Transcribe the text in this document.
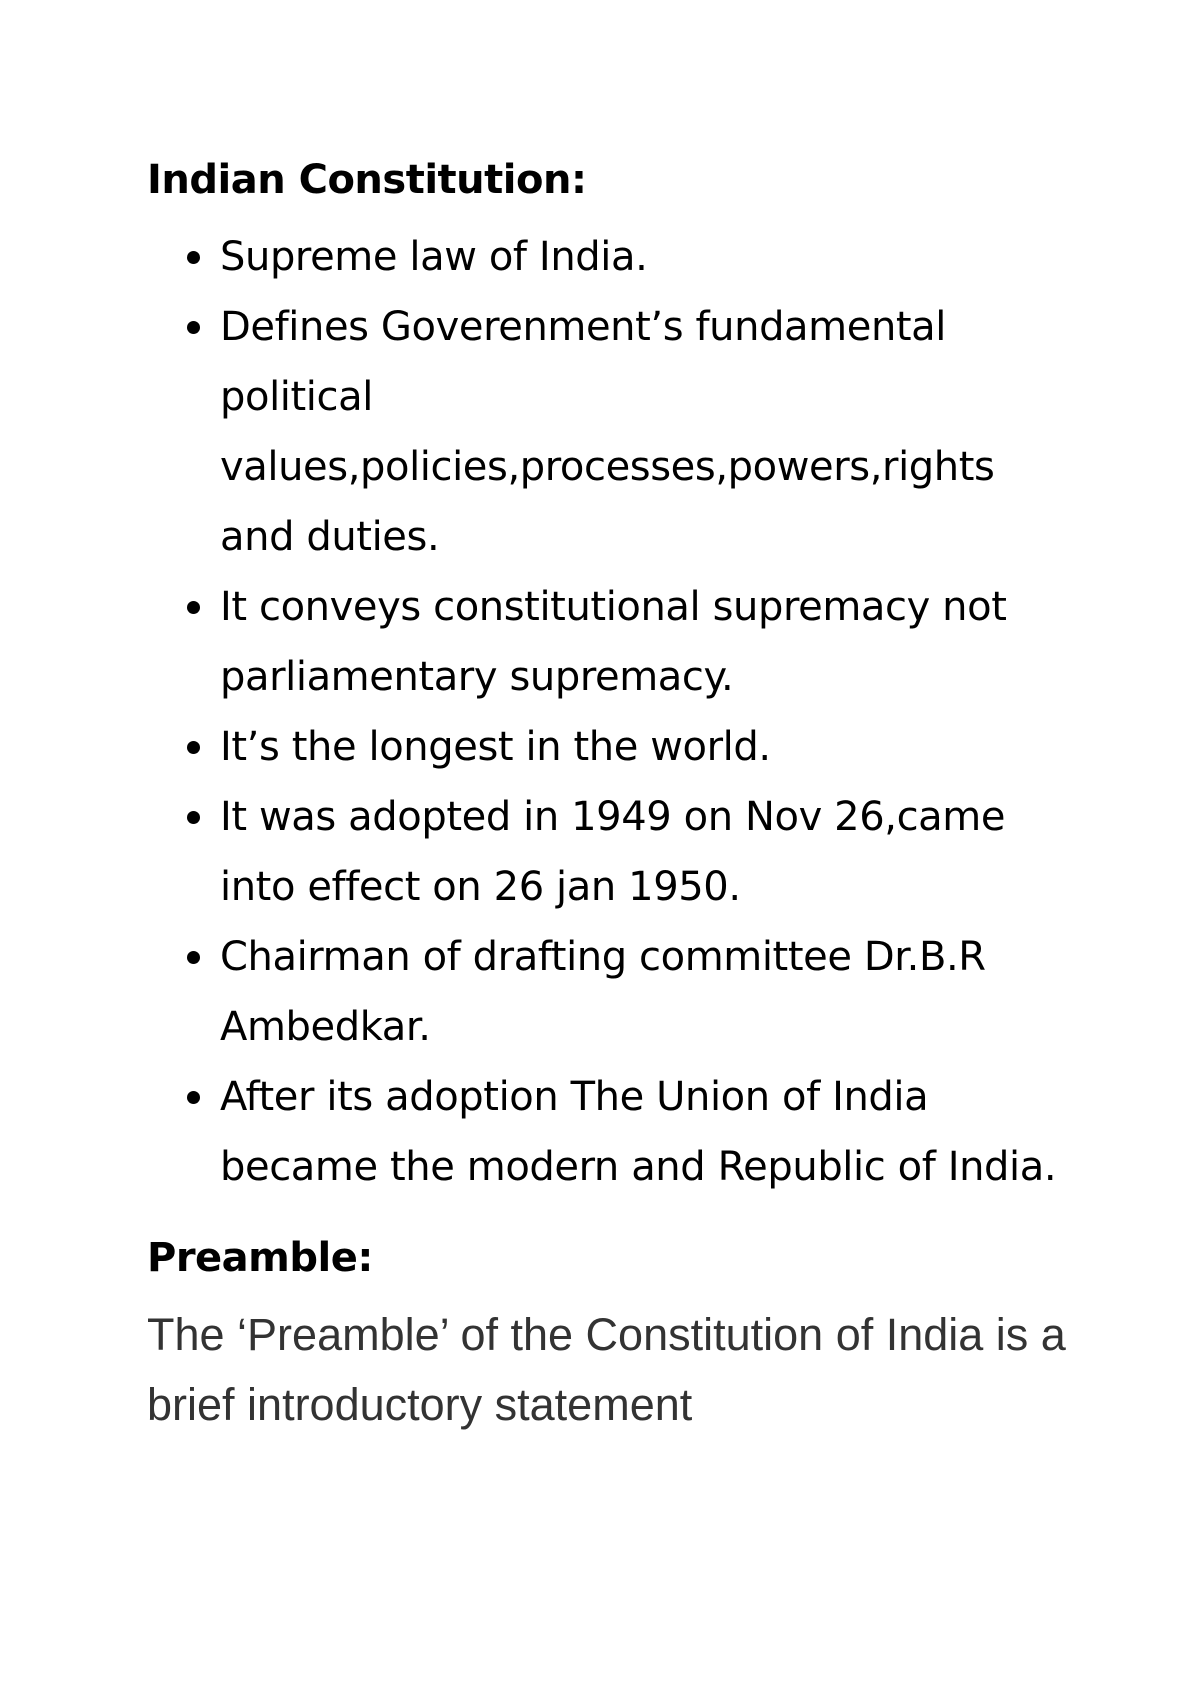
Indian Constitution:
Supreme law of India.
Defines Goverenment’s fundamental political values,policies,processes,powers,rights and duties.
It conveys constitutional supremacy not parliamentary supremacy.
It’s the longest in the world.
It was adopted in 1949 on Nov 26,came into effect on 26 jan 1950.
Chairman of drafting committee Dr.B.R Ambedkar.
After its adoption The Union of India became the modern and Republic of India.
Preamble:

The ‘Preamble’ of the Constitution of India is a brief introductory statement
